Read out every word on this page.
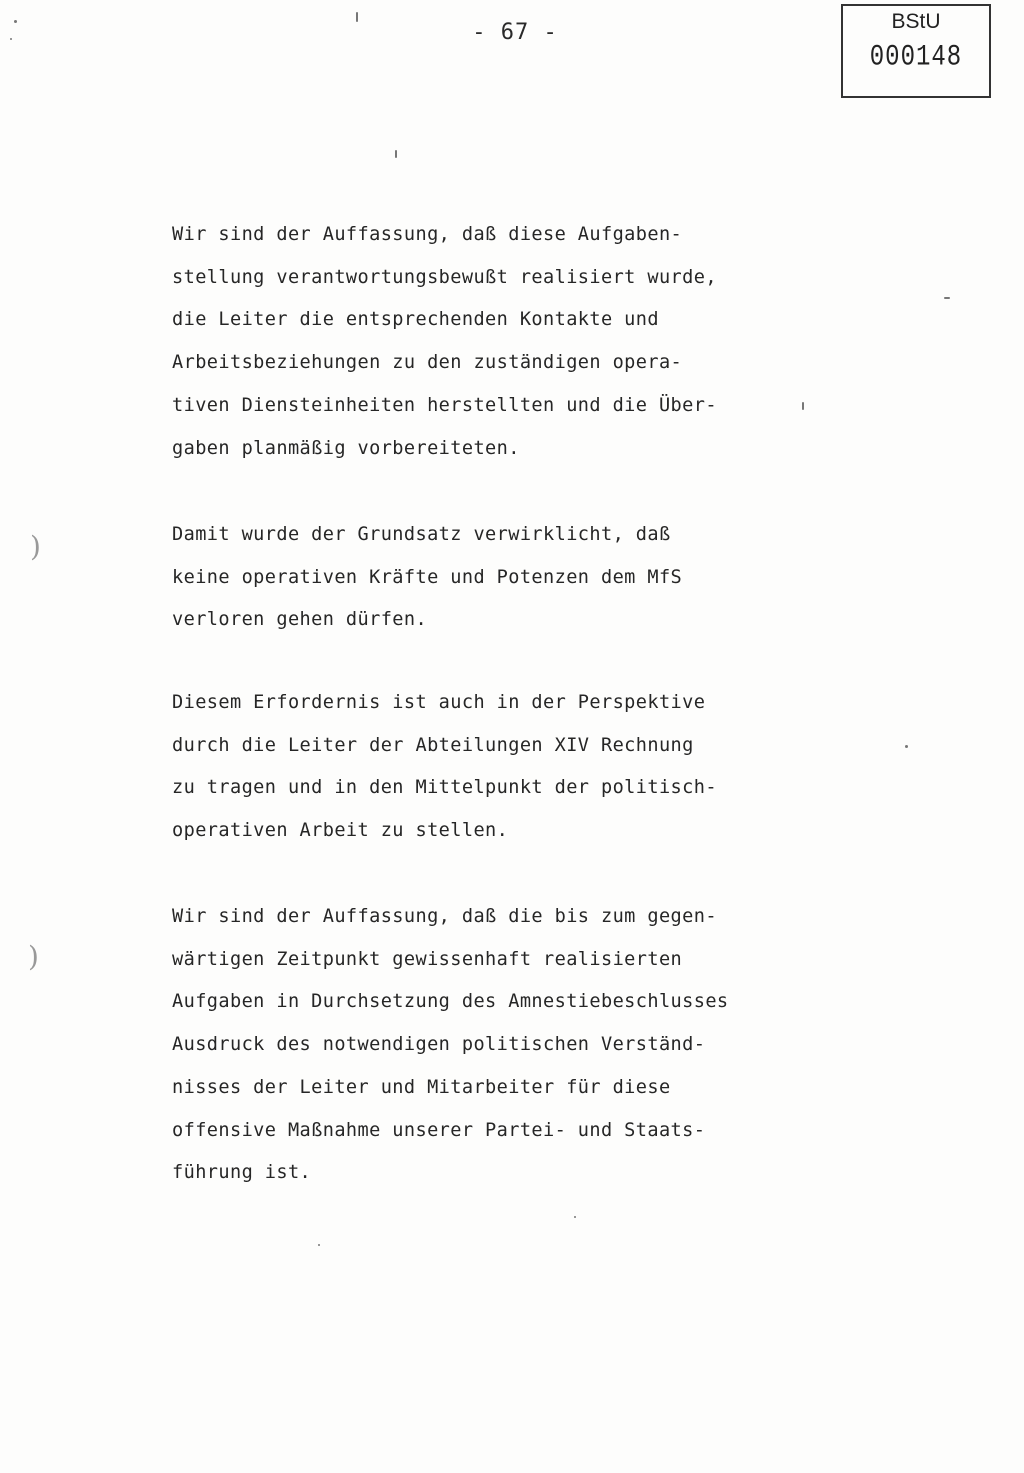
- 67 -	BStU
000148
)
)
Wir sind der Auffassung, daß diese Aufgaben-
stellung verantwortungsbewußt realisiert wurde,
die Leiter die entsprechenden Kontakte und
Arbeitsbeziehungen zu den zuständigen opera-
tiven Diensteinheiten herstellten und die Über-
gaben planmäßig vorbereiteten.
Damit wurde der Grundsatz verwirklicht, daß
keine operativen Kräfte und Potenzen dem MfS
verloren gehen dürfen.
Diesem Erfordernis ist auch in der Perspektive
durch die Leiter der Abteilungen XIV Rechnung
zu tragen und in den Mittelpunkt der politisch-
operativen Arbeit zu stellen.
Wir sind der Auffassung, daß die bis zum gegen-
wärtigen Zeitpunkt gewissenhaft realisierten
Aufgaben in Durchsetzung des Amnestiebeschlusses
Ausdruck des notwendigen politischen Verständ-
nisses der Leiter und Mitarbeiter für diese
offensive Maßnahme unserer Partei- und Staats-
führung ist.
